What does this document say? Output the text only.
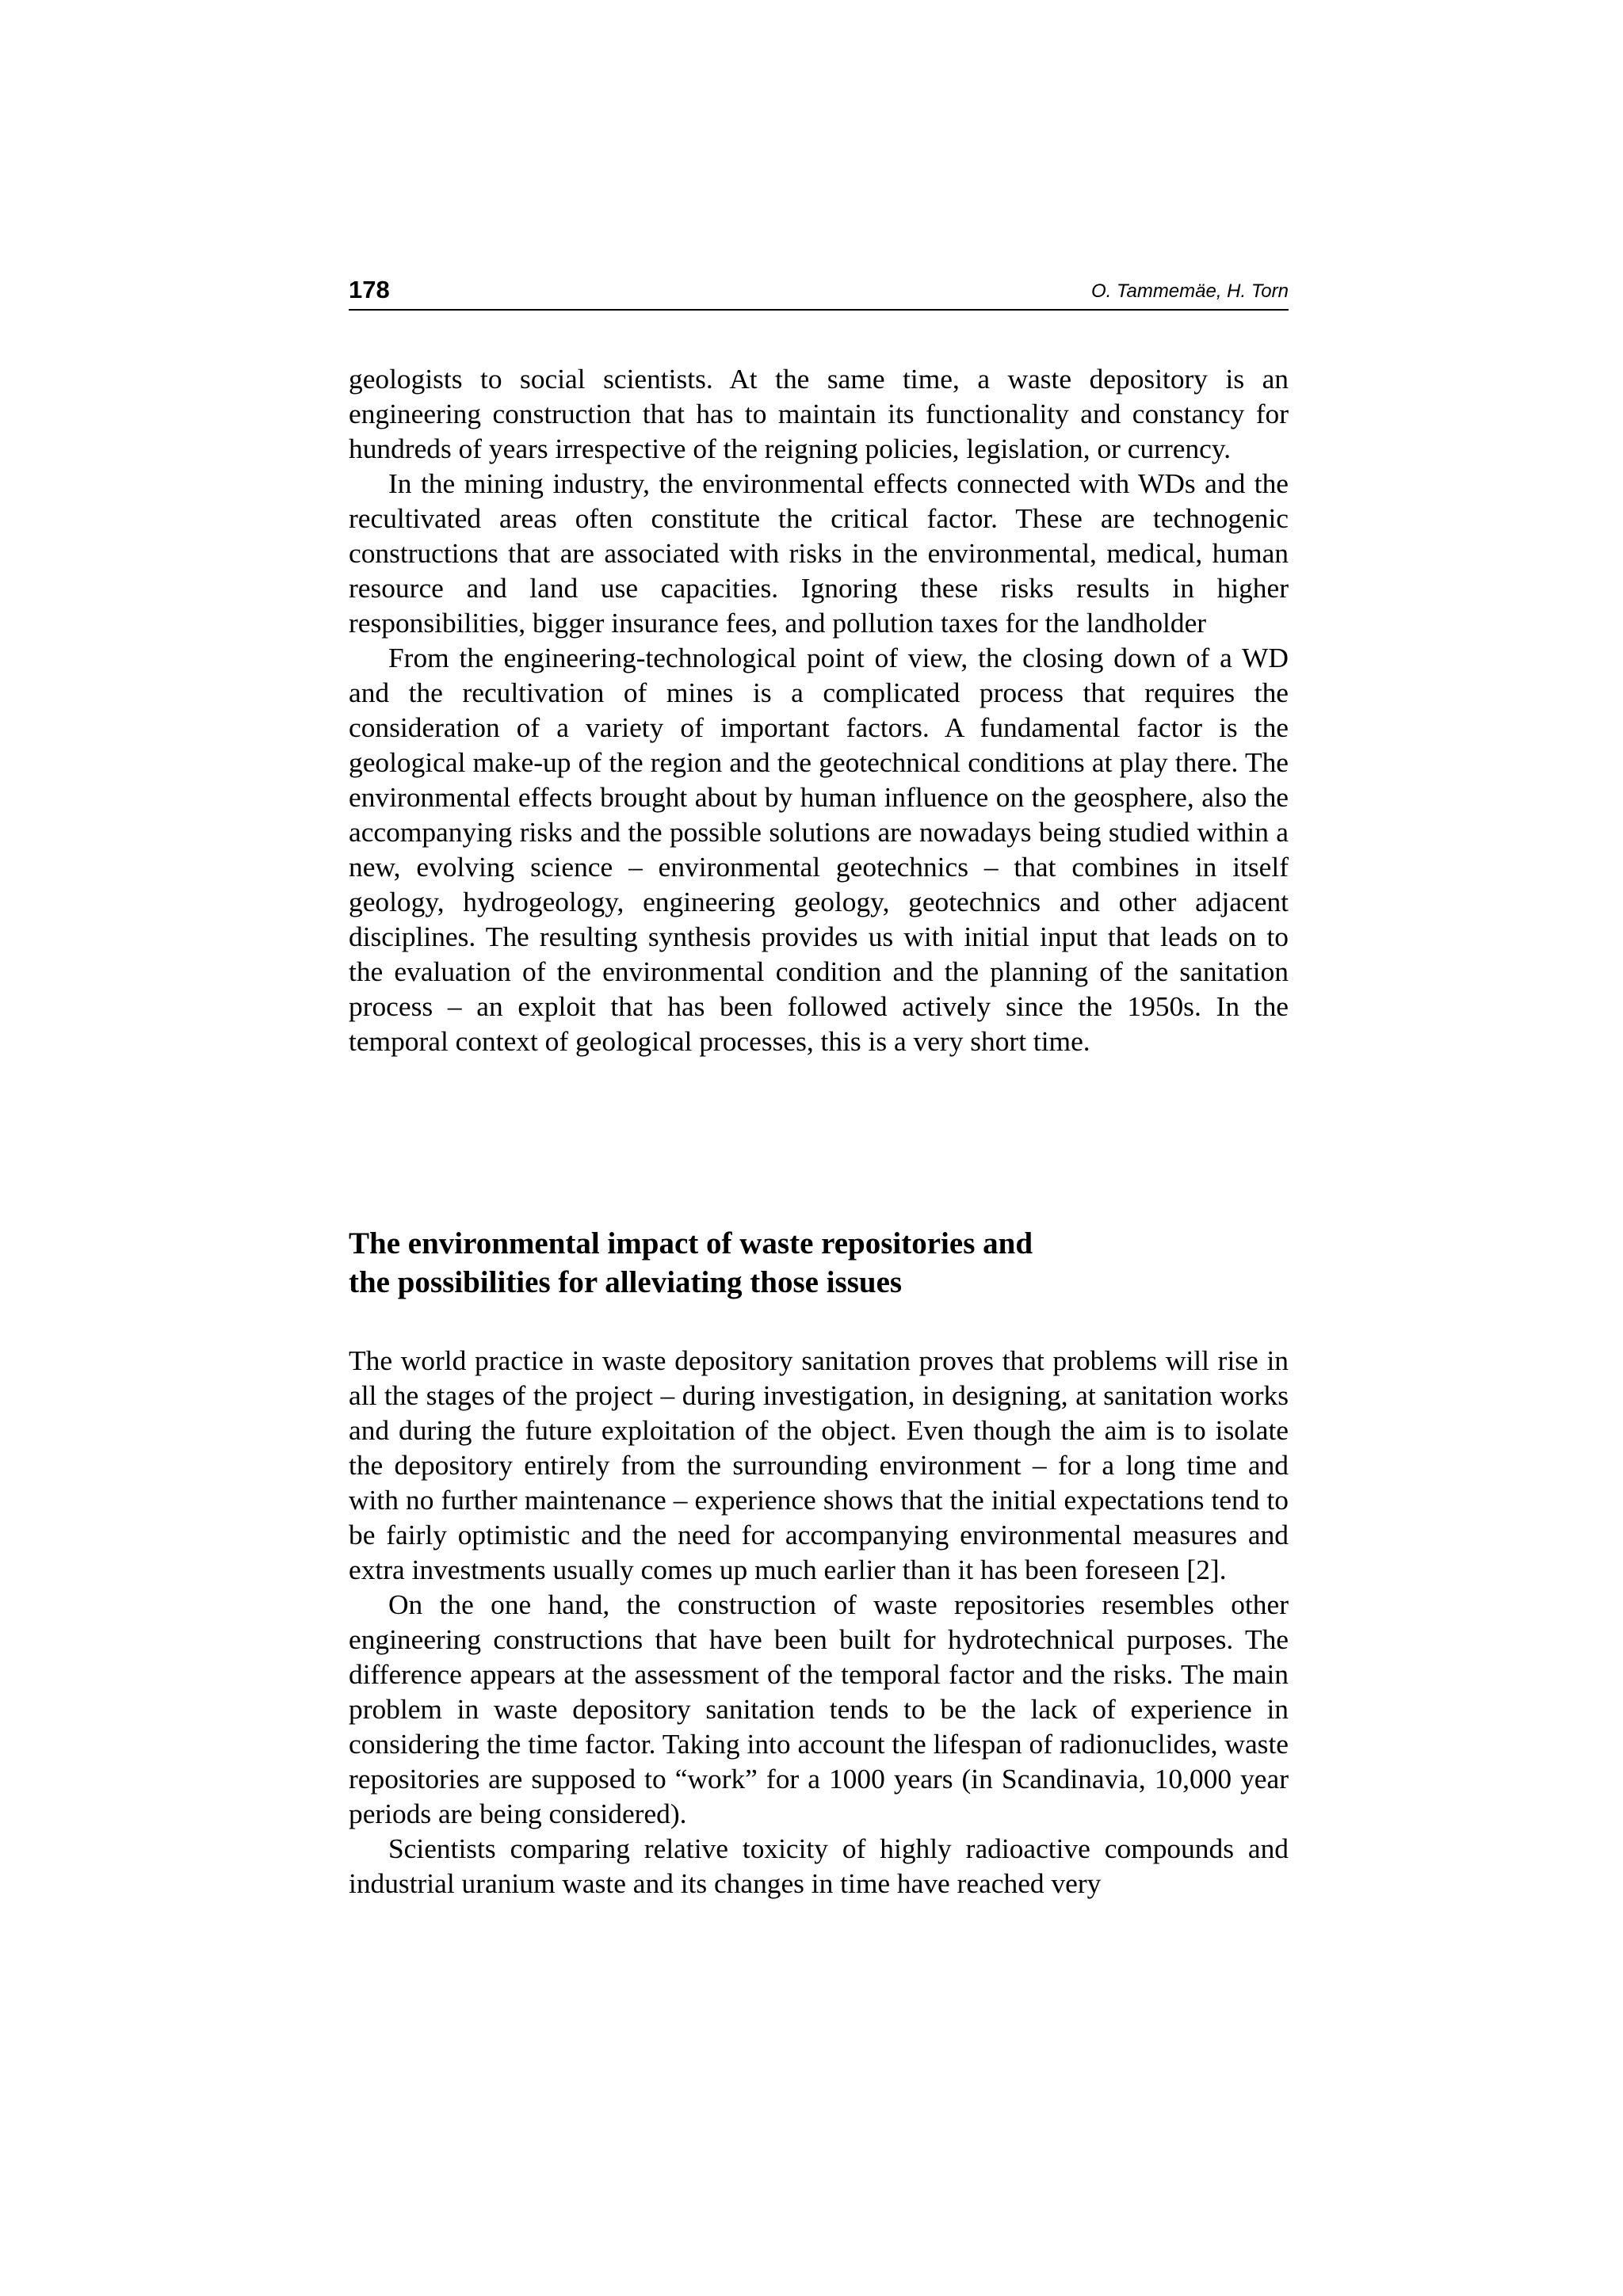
178	O. Tammemäe, H. Torn

geologists to social scientists. At the same time, a waste depository is an engineering construction that has to maintain its functionality and constancy for hundreds of years irrespective of the reigning policies, legislation, or currency.

In the mining industry, the environmental effects connected with WDs and the recultivated areas often constitute the critical factor. These are technogenic constructions that are associated with risks in the environmental, medical, human resource and land use capacities. Ignoring these risks results in higher responsibilities, bigger insurance fees, and pollution taxes for the landholder

From the engineering-technological point of view, the closing down of a WD and the recultivation of mines is a complicated process that requires the consideration of a variety of important factors. A fundamental factor is the geological make-up of the region and the geotechnical conditions at play there. The environmental effects brought about by human influence on the geosphere, also the accompanying risks and the possible solutions are nowadays being studied within a new, evolving science – environmental geotechnics – that combines in itself geology, hydrogeology, engineering geology, geotechnics and other adjacent disciplines. The resulting synthesis provides us with initial input that leads on to the evaluation of the environmental condition and the planning of the sanitation process – an exploit that has been followed actively since the 1950s. In the temporal context of geological processes, this is a very short time.

The environmental impact of waste repositories and
the possibilities for alleviating those issues

The world practice in waste depository sanitation proves that problems will rise in all the stages of the project – during investigation, in designing, at sanitation works and during the future exploitation of the object. Even though the aim is to isolate the depository entirely from the surrounding environment – for a long time and with no further maintenance – experience shows that the initial expectations tend to be fairly optimistic and the need for accompanying environmental measures and extra investments usually comes up much earlier than it has been foreseen [2].

On the one hand, the construction of waste repositories resembles other engineering constructions that have been built for hydrotechnical purposes. The difference appears at the assessment of the temporal factor and the risks. The main problem in waste depository sanitation tends to be the lack of experience in considering the time factor. Taking into account the lifespan of radionuclides, waste repositories are supposed to “work” for a 1000 years (in Scandinavia, 10,000 year periods are being considered).

Scientists comparing relative toxicity of highly radioactive compounds and industrial uranium waste and its changes in time have reached very
